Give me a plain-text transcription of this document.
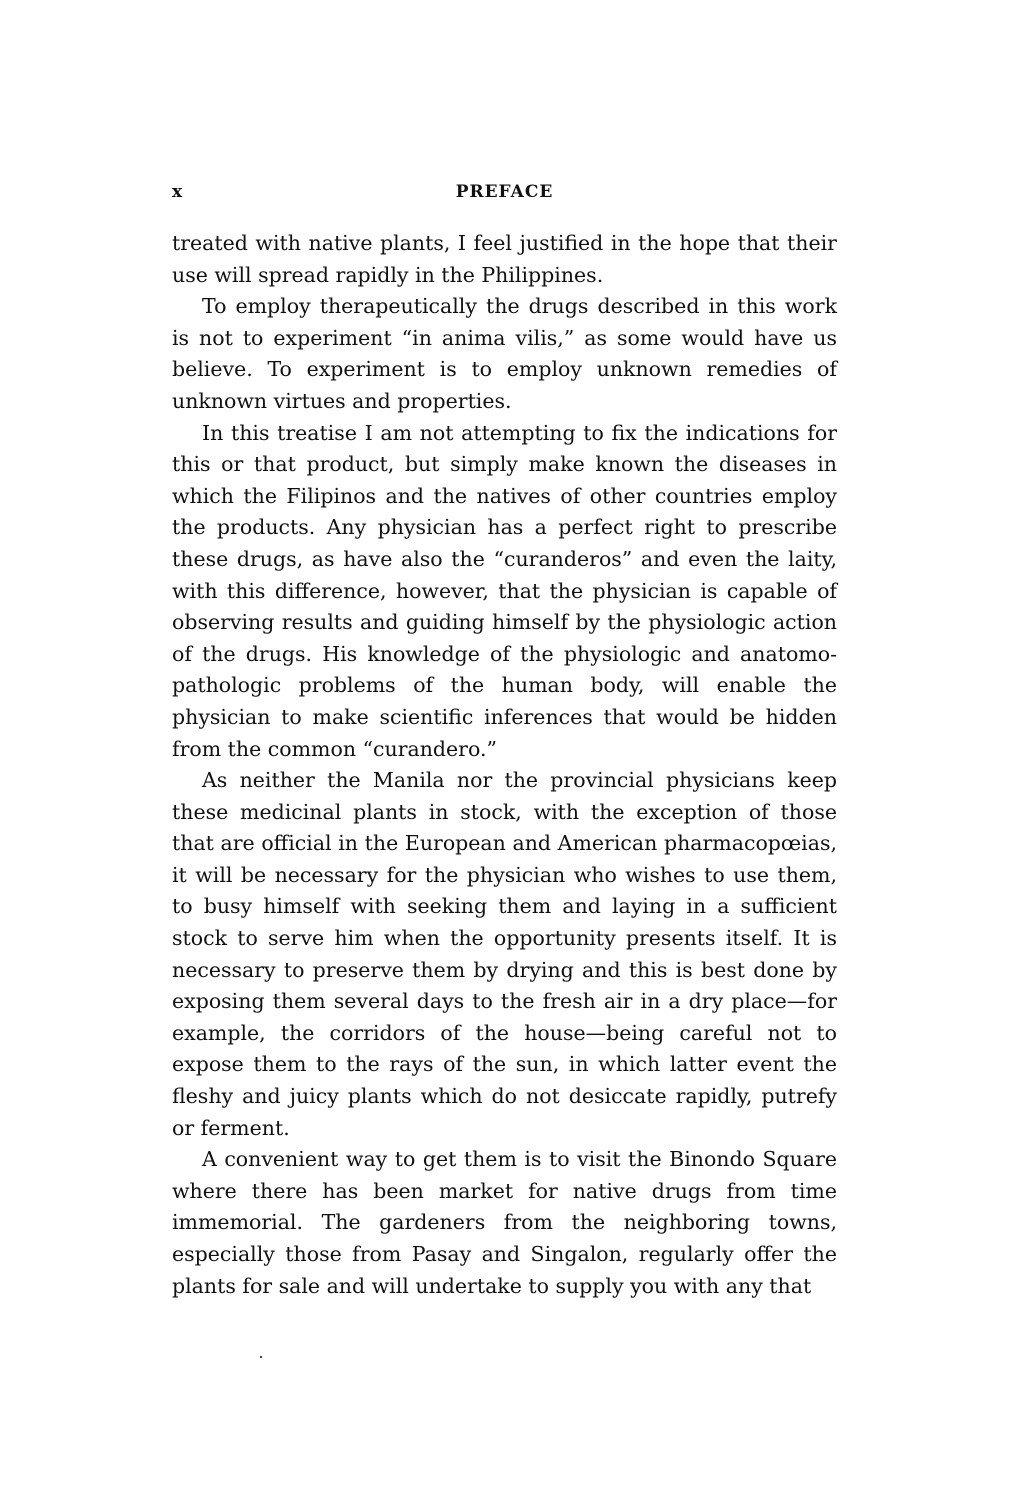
x	PREFACE

treated with native plants, I feel justified in the hope that their use will spread rapidly in the Philippines.

To employ therapeutically the drugs described in this work is not to experiment “in anima vilis,” as some would have us believe. To experiment is to employ unknown remedies of unknown virtues and properties.

In this treatise I am not attempting to fix the indications for this or that product, but simply make known the diseases in which the Filipinos and the natives of other countries employ the products. Any physician has a perfect right to prescribe these drugs, as have also the “curanderos” and even the laity, with this difference, however, that the physician is capable of observing results and guiding himself by the physiologic action of the drugs. His knowledge of the physiologic and anatomo-pathologic problems of the human body, will enable the physician to make scientific inferences that would be hidden from the common “curandero.”

As neither the Manila nor the provincial physicians keep these medicinal plants in stock, with the exception of those that are official in the European and American pharmacopœias, it will be necessary for the physician who wishes to use them, to busy himself with seeking them and laying in a sufficient stock to serve him when the opportunity presents itself. It is necessary to preserve them by drying and this is best done by exposing them several days to the fresh air in a dry place—for example, the corridors of the house—being careful not to expose them to the rays of the sun, in which latter event the fleshy and juicy plants which do not desiccate rapidly, putrefy or ferment.

A convenient way to get them is to visit the Binondo Square where there has been market for native drugs from time immemorial. The gardeners from the neighboring towns, especially those from Pasay and Singalon, regularly offer the plants for sale and will undertake to supply you with any that
